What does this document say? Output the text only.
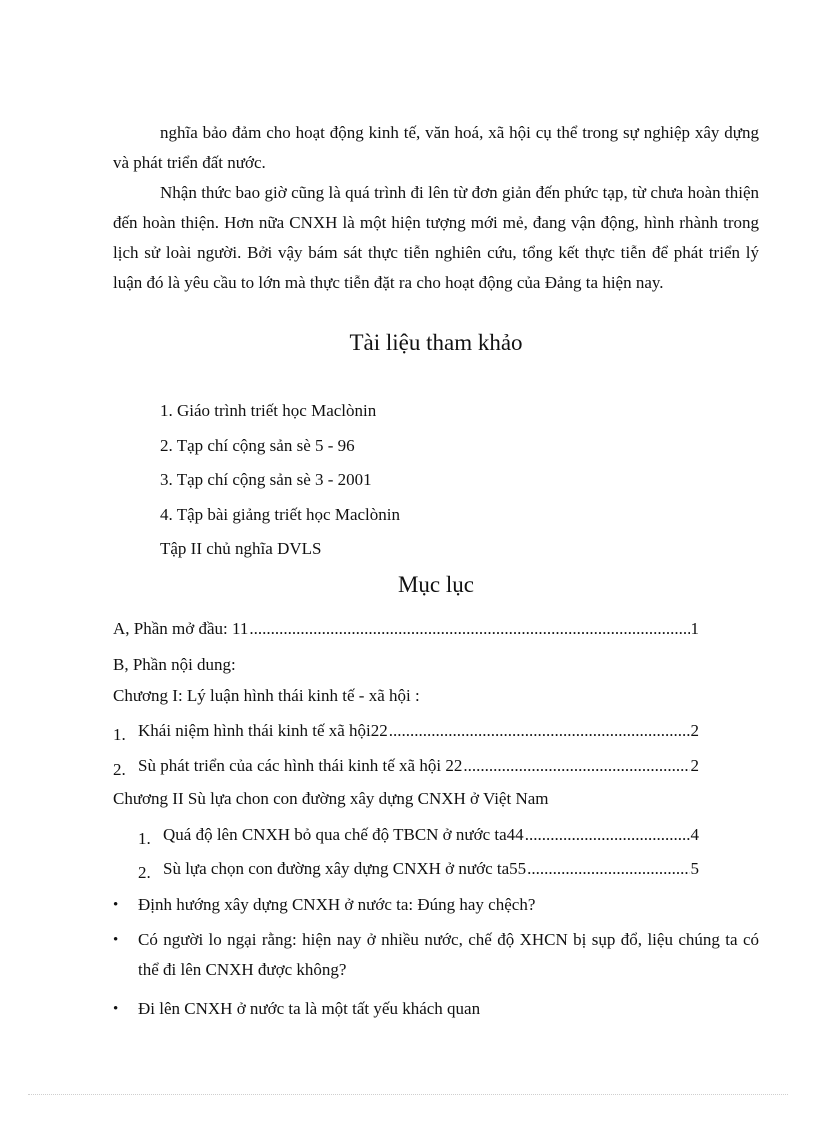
nghĩa bảo đảm cho hoạt động kinh tế, văn hoá, xã hội cụ thể trong sự nghiệp xây dựng và phát triển đất nước.

Nhận thức bao giờ cũng là quá trình đi lên từ đơn giản đến phức tạp, từ chưa hoàn thiện đến hoàn thiện. Hơn nữa CNXH là một hiện tượng mới mẻ, đang vận động, hình rhành trong lịch sử loài người. Bởi vậy bám sát thực tiễn nghiên cứu, tổng kết thực tiễn để phát triển lý luận đó là yêu cầu to lớn mà thực tiễn đặt ra cho hoạt động của Đảng ta hiện nay.

Tài liệu tham khảo
1. Giáo trình triết học Maclònin
2. Tạp chí cộng sản sè 5 - 96
3. Tạp chí cộng sản sè 3 - 2001
4. Tập bài giảng triết học Maclònin
Tập II chủ nghĩa DVLS
Mục lục
A, Phần mở đầu: 11 .....	1
B, Phần nội dung:
Chương I: Lý luận hình thái kinh tế - xã hội :
1. Khái niệm hình thái kinh tế xã hội22 .....	2
2. Sù phát triển của các hình thái kinh tế xã hội 22 .....	2
Chương II Sù lựa chon con đường xây dựng CNXH ở Việt Nam
1. Quá độ lên CNXH bỏ qua chế độ TBCN ở nước ta44 .....	4
2. Sù lựa chọn con đường xây dựng CNXH ở nước ta55 .....	5
• Định hướng xây dựng CNXH ở nước ta: Đúng hay chệch?
• Có người lo ngại rằng: hiện nay ở nhiều nước, chế độ XHCN bị sụp đổ, liệu chúng ta có thể đi lên CNXH được không?
• Đi lên CNXH ở nước ta là một tất yếu khách quan
